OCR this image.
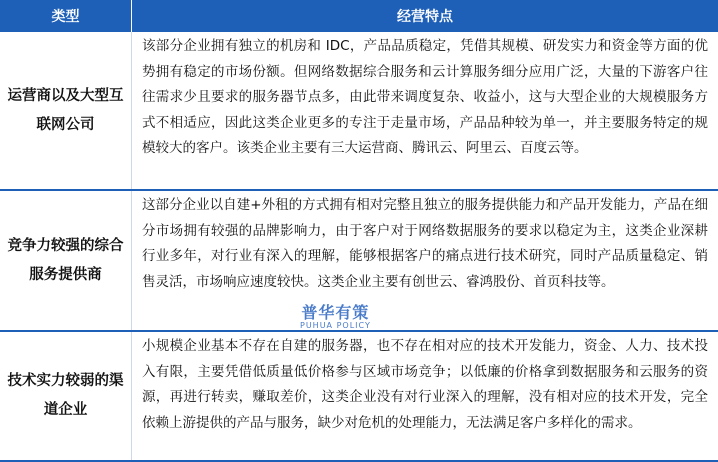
类型	经营特点
运营商以及大型互联网公司
该部分企业拥有独立的机房和 IDC，产品品质稳定，凭借其规模、研发实力和资金等方面的优势拥有稳定的市场份额。但网络数据综合服务和云计算服务细分应用广泛，大量的下游客户往往需求少且要求的服务器节点多，由此带来调度复杂、收益小，这与大型企业的大规模服务方式不相适应，因此这类企业更多的专注于走量市场，产品品种较为单一，并主要服务特定的规模较大的客户。该类企业主要有三大运营商、腾讯云、阿里云、百度云等。
竞争力较强的综合服务提供商
这部分企业以自建+外租的方式拥有相对完整且独立的服务提供能力和产品开发能力，产品在细分市场拥有较强的品牌影响力，由于客户对于网络数据服务的要求以稳定为主，这类企业深耕行业多年，对行业有深入的理解，能够根据客户的痛点进行技术研究，同时产品质量稳定、销售灵活，市场响应速度较快。这类企业主要有创世云、睿鸿股份、首页科技等。
技术实力较弱的渠道企业
小规模企业基本不存在自建的服务器，也不存在相对应的技术开发能力，资金、人力、技术投入有限，主要凭借低质量低价格参与区域市场竞争；以低廉的价格拿到数据服务和云服务的资源，再进行转卖，赚取差价，这类企业没有对行业深入的理解，没有相对应的技术开发，完全依赖上游提供的产品与服务，缺少对危机的处理能力，无法满足客户多样化的需求。
普华有策
PUHUA POLICY
